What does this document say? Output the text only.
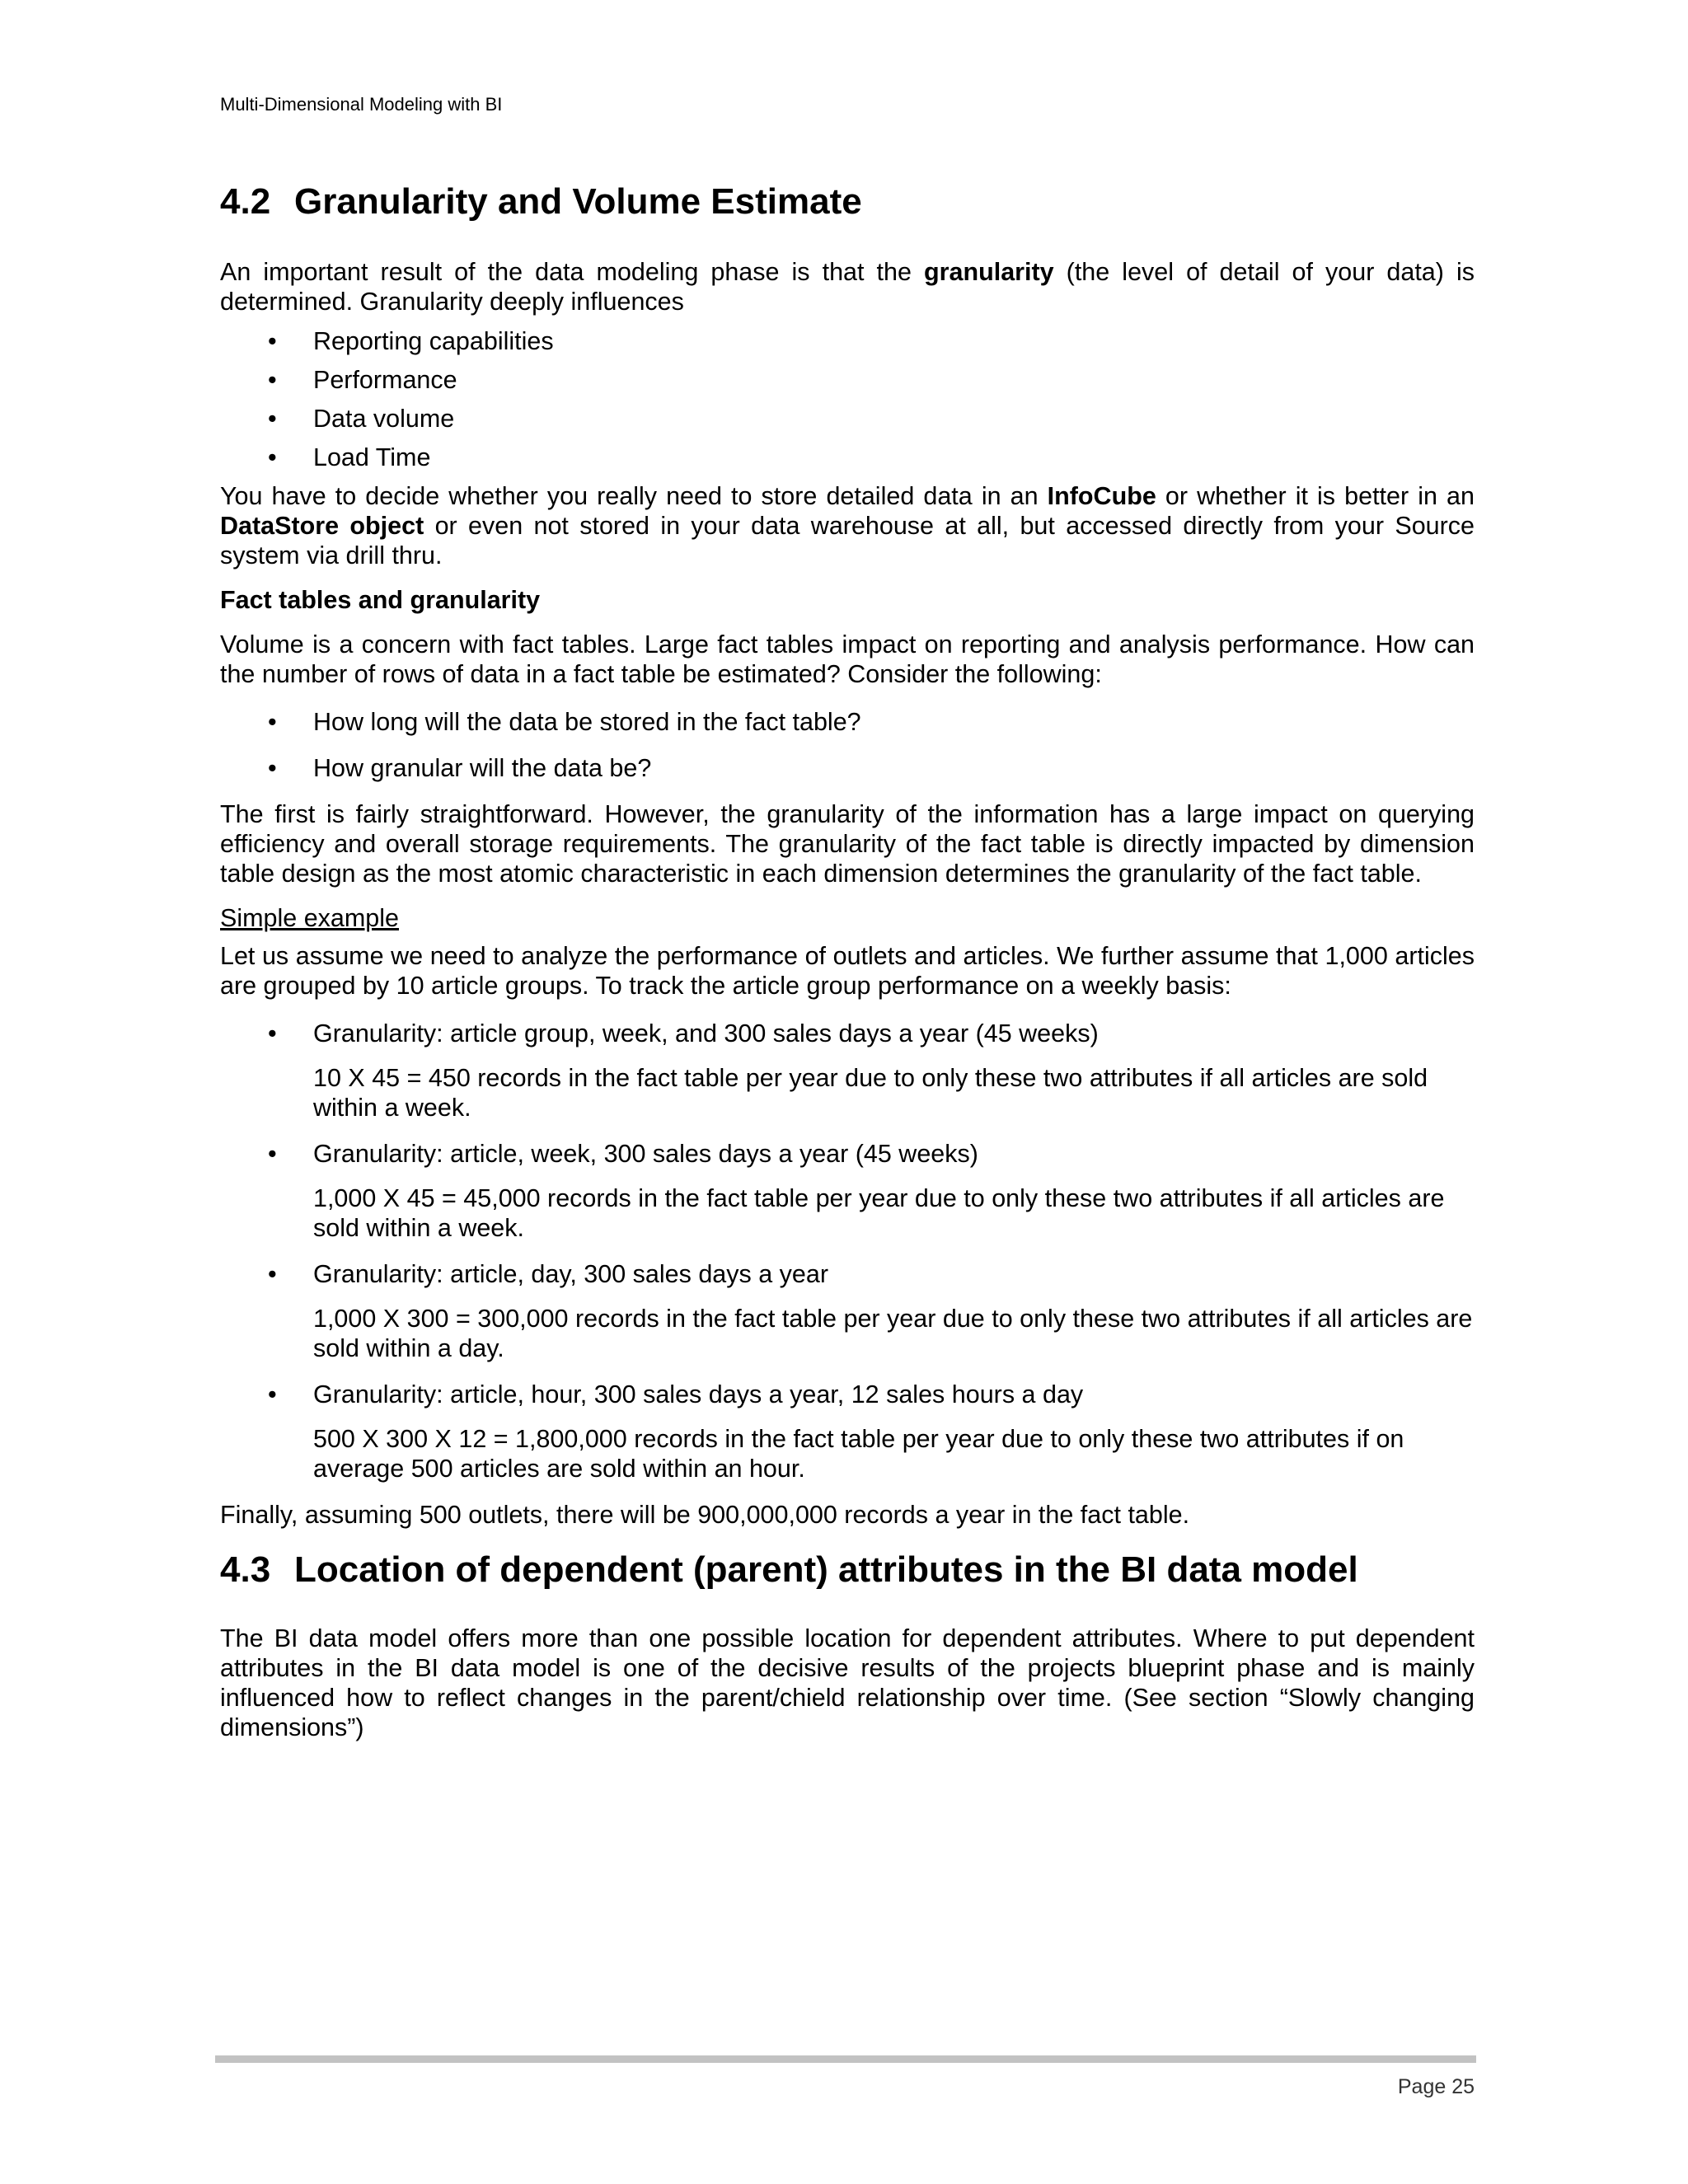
Multi-Dimensional Modeling with BI
4.2 Granularity and Volume Estimate

An important result of the data modeling phase is that the granularity (the level of detail of your data) is determined. Granularity deeply influences

• Reporting capabilities
• Performance
• Data volume
• Load Time

You have to decide whether you really need to store detailed data in an InfoCube or whether it is better in an DataStore object or even not stored in your data warehouse at all, but accessed directly from your Source system via drill thru.

Fact tables and granularity

Volume is a concern with fact tables. Large fact tables impact on reporting and analysis performance. How can the number of rows of data in a fact table be estimated? Consider the following:

• How long will the data be stored in the fact table?
• How granular will the data be?

The first is fairly straightforward. However, the granularity of the information has a large impact on querying efficiency and overall storage requirements. The granularity of the fact table is directly impacted by dimension table design as the most atomic characteristic in each dimension determines the granularity of the fact table.

Simple example

Let us assume we need to analyze the performance of outlets and articles. We further assume that 1,000 articles are grouped by 10 article groups. To track the article group performance on a weekly basis:

• Granularity: article group, week, and 300 sales days a year (45 weeks)
10 X 45 = 450 records in the fact table per year due to only these two attributes if all articles are sold within a week.
• Granularity: article, week, 300 sales days a year (45 weeks)
1,000 X 45 = 45,000 records in the fact table per year due to only these two attributes if all articles are sold within a week.
• Granularity: article, day, 300 sales days a year
1,000 X 300 = 300,000 records in the fact table per year due to only these two attributes if all articles are sold within a day.
• Granularity: article, hour, 300 sales days a year, 12 sales hours a day
500 X 300 X 12 = 1,800,000 records in the fact table per year due to only these two attributes if on average 500 articles are sold within an hour.

Finally, assuming 500 outlets, there will be 900,000,000 records a year in the fact table.

4.3 Location of dependent (parent) attributes in the BI data model

The BI data model offers more than one possible location for dependent attributes. Where to put dependent attributes in the BI data model is one of the decisive results of the projects blueprint phase and is mainly influenced how to reflect changes in the parent/chield relationship over time. (See section “Slowly changing dimensions”)

Page 25
